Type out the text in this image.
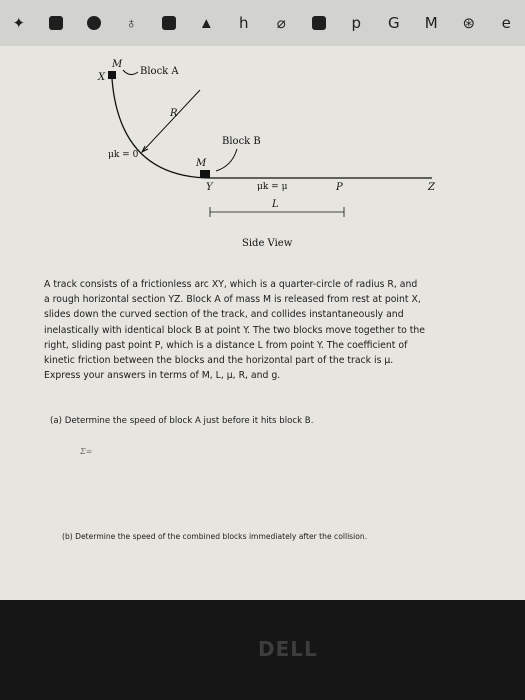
✦	♁	▲	h	⌀	p	G	M	⊛	e
X
M
Block A
R
Block B
μk = 0
M
Y	μk = μ	P	Z
L
Side View

A track consists of a frictionless arc XY, which is a quarter-circle of radius R, and

a rough horizontal section YZ. Block A of mass M is released from rest at point X,

slides down the curved section of the track, and collides instantaneously and

inelastically with identical block B at point Y. The two blocks move together to the

right, sliding past point P, which is a distance L from point Y. The coefficient of

kinetic friction between the blocks and the horizontal part of the track is μ.

Express your answers in terms of M, L, μ, R, and g.

(a) Determine the speed of block A just before it hits block B.
Σ=
(b) Determine the speed of the combined blocks immediately after the collision.
DELL
